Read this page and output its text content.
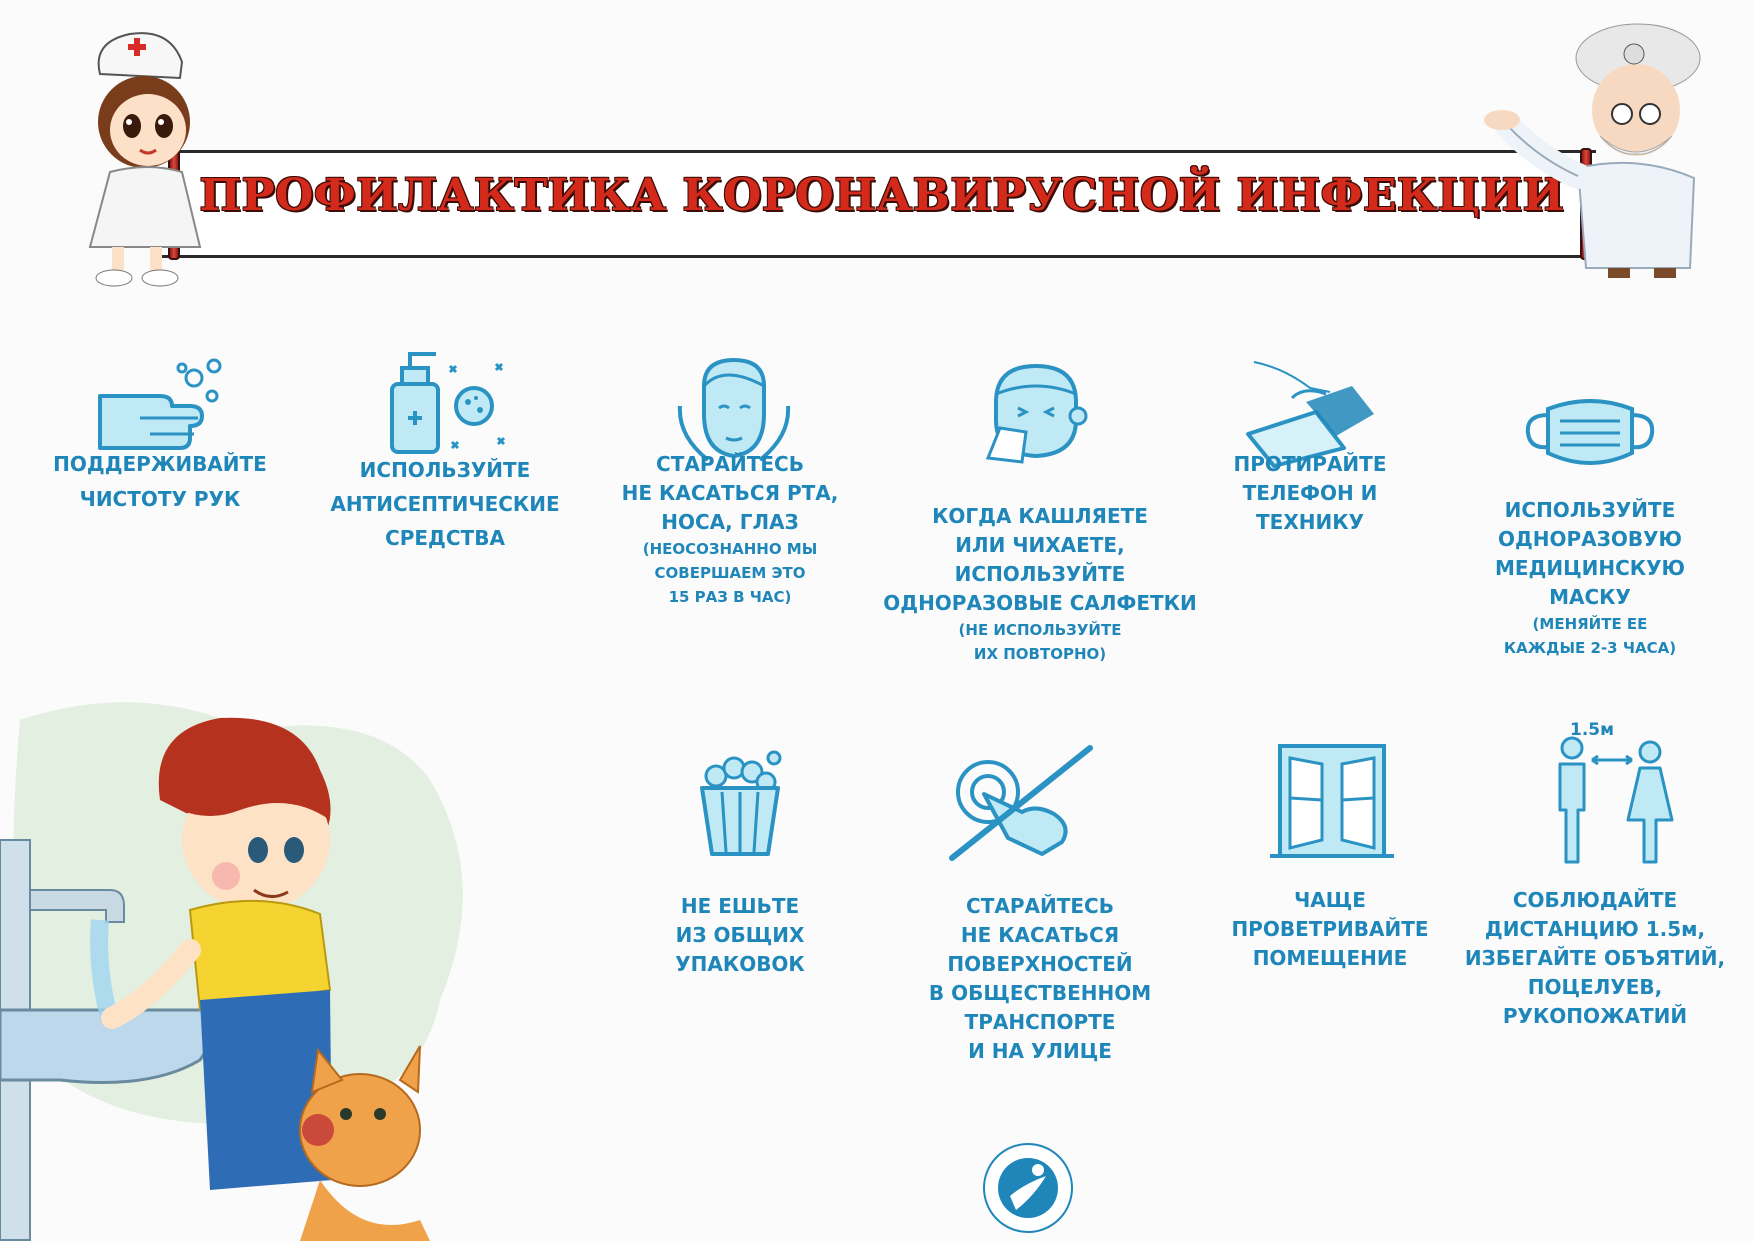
ПРОФИЛАКТИКА КОРОНАВИРУСНОЙ ИНФЕКЦИИ
ПОДДЕРЖИВАЙТЕ
ЧИСТОТУ РУК
ИСПОЛЬЗУЙТЕ
АНТИСЕПТИЧЕСКИЕ
СРЕДСТВА
СТАРАЙТЕСЬ
НЕ КАСАТЬСЯ РТА,
НОСА, ГЛАЗ
(НЕОСОЗНАННО МЫ
СОВЕРШАЕМ ЭТО
15 РАЗ В ЧАС)
КОГДА КАШЛЯЕТЕ
ИЛИ ЧИХАЕТЕ,
ИСПОЛЬЗУЙТЕ
ОДНОРАЗОВЫЕ САЛФЕТКИ
(НЕ ИСПОЛЬЗУЙТЕ
ИХ ПОВТОРНО)
ПРОТИРАЙТЕ
ТЕЛЕФОН И
ТЕХНИКУ	ИСПОЛЬЗУЙТЕ
ОДНОРАЗОВУЮ
МЕДИЦИНСКУЮ
МАСКУ
(МЕНЯЙТЕ ЕЕ
КАЖДЫЕ 2-3 ЧАСА)
НЕ ЕШЬТЕ
ИЗ ОБЩИХ
УПАКОВОК
СТАРАЙТЕСЬ
НЕ КАСАТЬСЯ
ПОВЕРХНОСТЕЙ
В ОБЩЕСТВЕННОМ
ТРАНСПОРТЕ
И НА УЛИЦЕ
ЧАЩЕ
ПРОВЕТРИВАЙТЕ
ПОМЕЩЕНИЕ
1.5м
СОБЛЮДАЙТЕ
ДИСТАНЦИЮ 1.5м,
ИЗБЕГАЙТЕ ОБЪЯТИЙ,
ПОЦЕЛУЕВ,
РУКОПОЖАТИЙ
